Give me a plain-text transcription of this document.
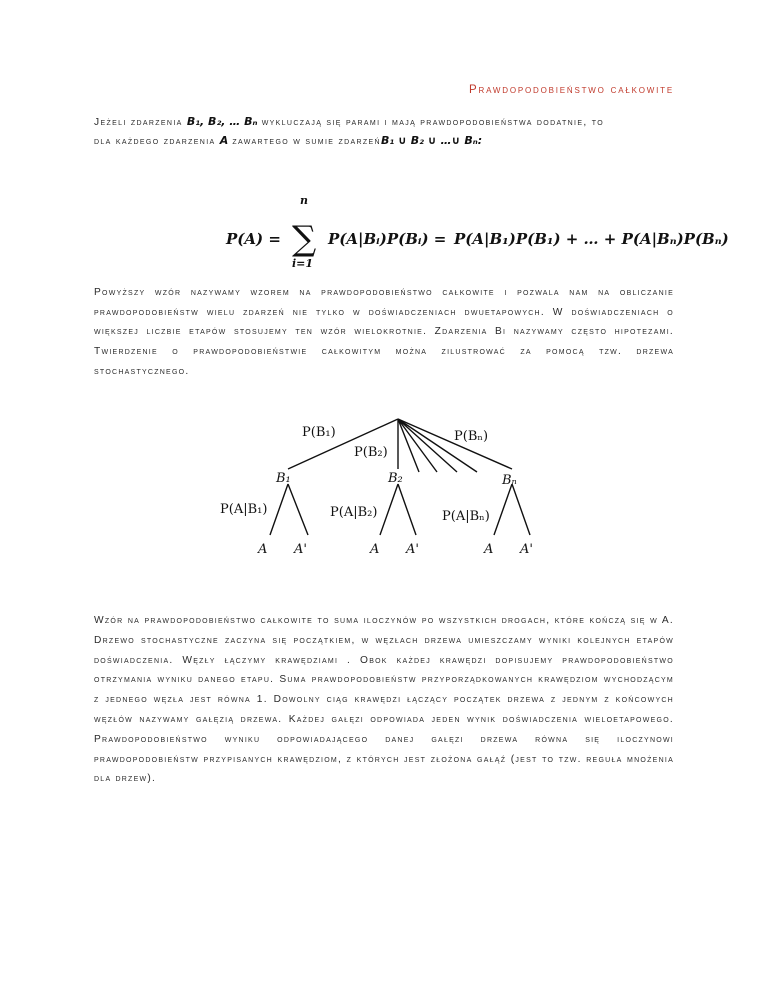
Prawdopodobieństwo całkowite
Jeżeli zdarzenia B₁, B₂, … Bₙ wykluczają się parami i mają prawdopodobieństwa dodatnie, to
dla każdego zdarzenia A zawartego w sumie zdarzeńB₁ ∪ B₂ ∪ …∪ Bₙ:
P(A) = ∑
n
i=1
P(A|Bᵢ)P(Bᵢ) = P(A|B₁)P(B₁) + … + P(A|Bₙ)P(Bₙ)
Powyższy wzór nazywamy wzorem na prawdopodobieństwo całkowite i pozwala nam na obliczanie prawdopodobieństw wielu zdarzeń nie tylko w doświadczeniach dwuetapowych. W doświadczeniach o większej liczbie etapów stosujemy ten wzór wielokrotnie. Zdarzenia Bi nazywamy często hipotezami. Twierdzenie o prawdopodobieństwie całkowitym można zilustrować za pomocą tzw. drzewa stochastycznego.
P(B₁)
P(B₂)
P(Bₙ)
B₁	B₂	Bₙ
P(A|B₁)	P(A|B₂)	P(A|Bₙ)
A A'	A A'	A A'
Wzór na prawdopodobieństwo całkowite to suma iloczynów po wszystkich drogach, które kończą się w A. Drzewo stochastyczne zaczyna się początkiem, w węzłach drzewa umieszczamy wyniki kolejnych etapów doświadczenia. Węzły łączymy krawędziami . Obok każdej krawędzi dopisujemy prawdopodobieństwo otrzymania wyniku danego etapu. Suma prawdopodobieństw przyporządkowanych krawędziom wychodzącym z jednego węzła jest równa 1. Dowolny ciąg krawędzi łączący początek drzewa z jednym z końcowych węzłów nazywamy gałęzią drzewa. Każdej gałęzi odpowiada jeden wynik doświadczenia wieloetapowego. Prawdopodobieństwo wyniku odpowiadającego danej gałęzi drzewa równa się iloczynowi prawdopodobieństw przypisanych krawędziom, z których jest złożona gałąź (jest to tzw. reguła mnożenia dla drzew).
